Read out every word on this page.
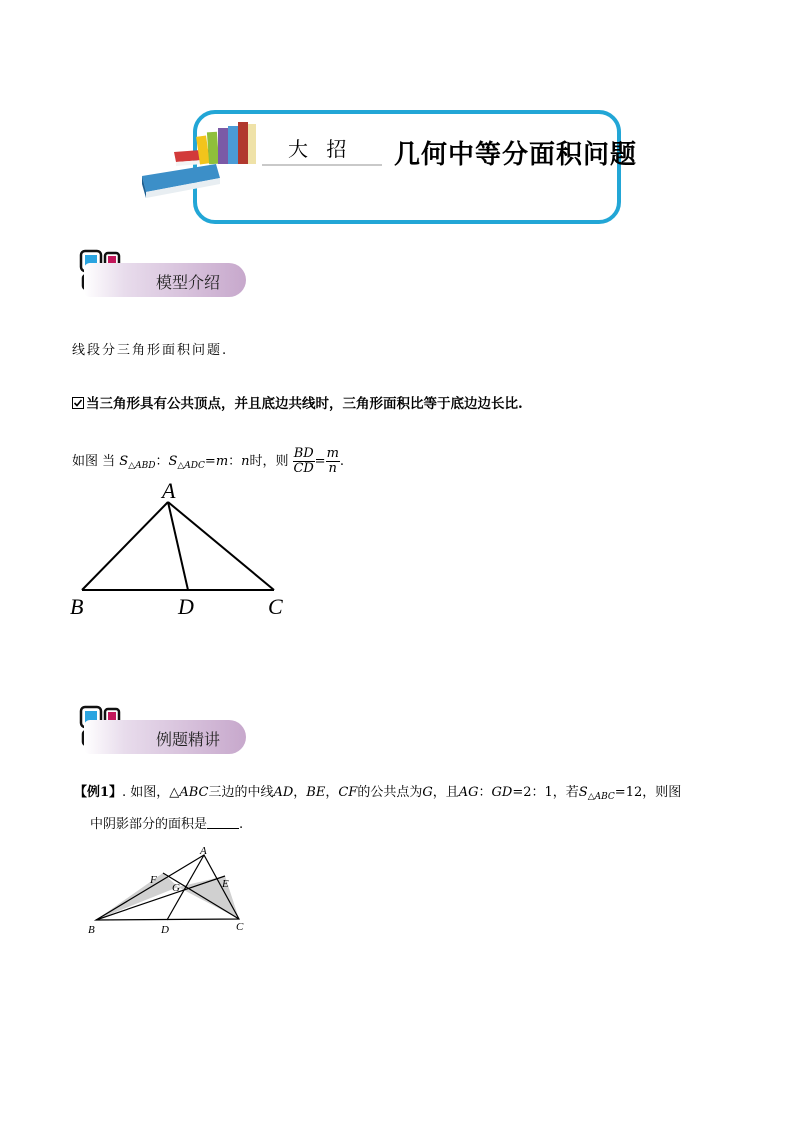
大 招 几何中等分面积问题
模型介绍
线段分三角形面积问题.
当三角形具有公共顶点，并且底边共线时，三角形面积比等于底边边长比.
如图 当 $S_{\triangle ABD}$：$S_{\triangle ADC}=m$：n时，则 $\frac{BD}{CD} = \frac{m}{n}$ .
A
B	D	C
例题精讲
【例1】. 如图，△ABC三边的中线AD，BE，CF的公共点为G，且AG：GD=2：1，若$S_{\triangle ABC}=12$，则图
中阴影部分的面积是 .
A
B	D	C
E
F
G
